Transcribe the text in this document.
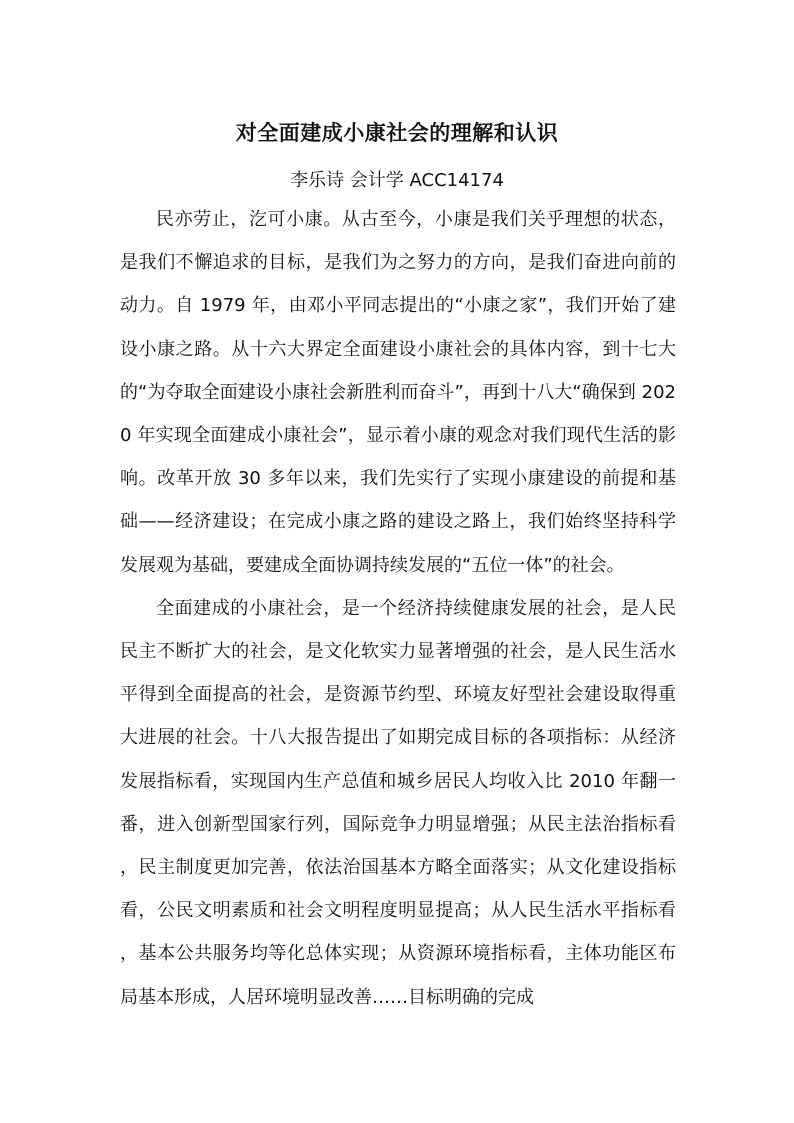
对全面建成小康社会的理解和认识
李乐诗 会计学 ACC14174

民亦劳止，汔可小康。从古至今，小康是我们关乎理想的状态，是我们不懈追求的目标，是我们为之努力的方向，是我们奋进向前的动力。自 1979 年，由邓小平同志提出的“小康之家”，我们开始了建设小康之路。从十六大界定全面建设小康社会的具体内容，到十七大的“为夺取全面建设小康社会新胜利而奋斗”，再到十八大“确保到 2020 年实现全面建成小康社会”，显示着小康的观念对我们现代生活的影响。改革开放 30 多年以来，我们先实行了实现小康建设的前提和基础——经济建设；在完成小康之路的建设之路上，我们始终坚持科学发展观为基础，要建成全面协调持续发展的“五位一体”的社会。

全面建成的小康社会，是一个经济持续健康发展的社会，是人民民主不断扩大的社会，是文化软实力显著增强的社会，是人民生活水平得到全面提高的社会，是资源节约型、环境友好型社会建设取得重大进展的社会。十八大报告提出了如期完成目标的各项指标：从经济发展指标看，实现国内生产总值和城乡居民人均收入比 2010 年翻一番，进入创新型国家行列，国际竞争力明显增强；从民主法治指标看，民主制度更加完善，依法治国基本方略全面落实；从文化建设指标看，公民文明素质和社会文明程度明显提高；从人民生活水平指标看，基本公共服务均等化总体实现；从资源环境指标看，主体功能区布局基本形成，人居环境明显改善……目标明确的完成
